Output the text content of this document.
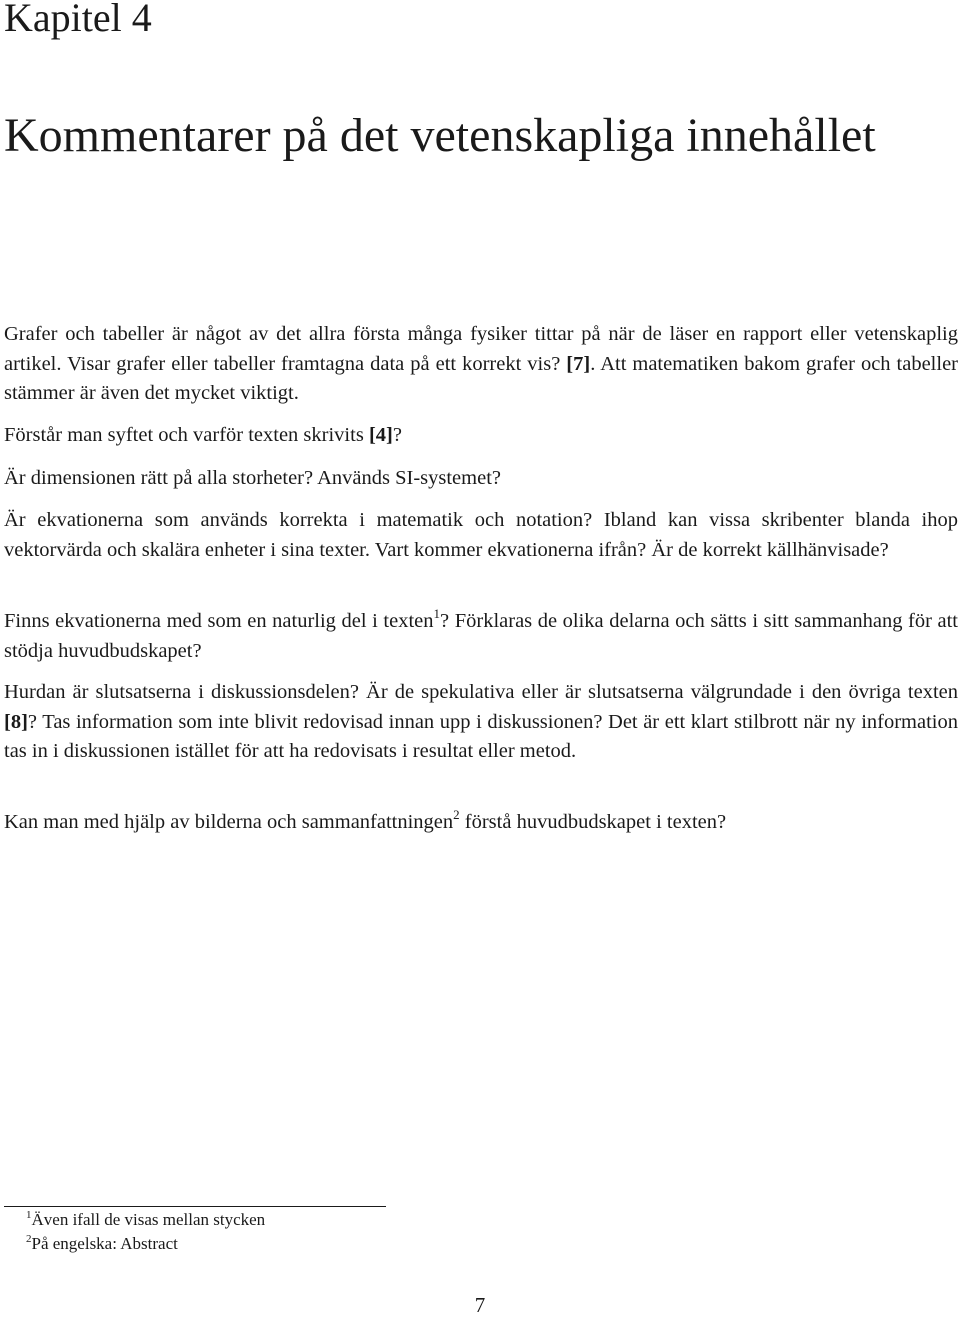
Kapitel 4
Kommentarer på det vetenskapliga innehållet

Grafer och tabeller är något av det allra första många fysiker tittar på när de läser en rapport eller vetenskaplig artikel. Visar grafer eller tabeller framtagna data på ett korrekt vis? [7]. Att matematiken bakom grafer och tabeller stämmer är även det mycket viktigt.

Förstår man syftet och varför texten skrivits [4]?

Är dimensionen rätt på alla storheter? Används SI-systemet?

Är ekvationerna som används korrekta i matematik och notation? Ibland kan vissa skribenter blanda ihop vektorvärda och skalära enheter i sina texter. Vart kommer ekvationerna ifrån? Är de korrekt källhänvisade?

Finns ekvationerna med som en naturlig del i texten$^1$? Förklaras de olika delarna och sätts i sitt sammanhang för att stödja huvudbudskapet?

Hurdan är slutsatserna i diskussionsdelen? Är de spekulativa eller är slutsatserna välgrundade i den övriga texten [8]? Tas information som inte blivit redovisad innan upp i diskussionen? Det är ett klart stilbrott när ny information tas in i diskussionen istället för att ha redovisats i resultat eller metod.

Kan man med hjälp av bilderna och sammanfattningen$^2$ förstå huvudbudskapet i texten?

$^1$Även ifall de visas mellan stycken
$^2$På engelska: Abstract
7
